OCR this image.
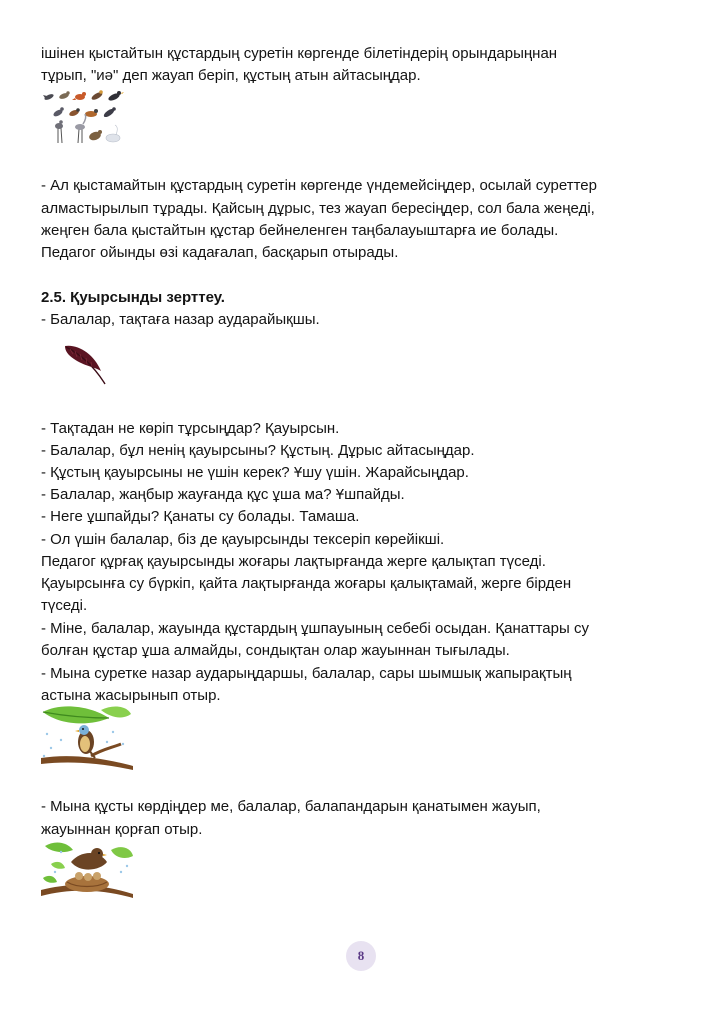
ішінен қыстайтын құстардың суретін көргенде білетіндерің орындарыңнан

тұрып, "иә" деп жауап беріп, құстың атын айтасыңдар.

- Ал қыстамайтын құстардың суретін көргенде үндемейсіңдер, осылай суреттер

алмастырылып тұрады. Қайсың дұрыс, тез жауап бересіңдер, сол бала жеңеді,

жеңген бала қыстайтын құстар бейнеленген таңбалауыштарға ие болады.

Педагог ойынды өзі кадағалап, басқарып отырады.

2.5. Қуырсынды зерттеу.

- Балалар, тақтаға назар аударайықшы.

- Тақтадан не көріп тұрсыңдар? Қауырсын.

- Балалар, бұл ненің қауырсыны? Құстың. Дұрыс айтасыңдар.

- Құстың қауырсыны не үшін керек? Ұшу үшін. Жарайсыңдар.

- Балалар, жаңбыр жауғанда құс ұша ма? Ұшпайды.

- Неге ұшпайды? Қанаты су болады. Тамаша.

- Ол үшін балалар, біз де қауырсынды тексеріп көрейікші.

Педагог құрғақ қауырсынды жоғары лақтырғанда жерге қалықтап түседі.

Қауырсынға су бүркіп, қайта лақтырғанда жоғары қалықтамай, жерге бірден

түседі.

- Міне, балалар, жауында құстардың ұшпауының себебі осыдан. Қанаттары су

болған құстар ұша алмайды, сондықтан олар жауыннан тығылады.

- Мына суретке назар аударыңдаршы, балалар, сары шымшық жапырақтың

астына жасырынып отыр.

- Мына құсты көрдіңдер ме, балалар, балапандарын қанатымен жауып,

жауыннан қорғап отыр.

8
